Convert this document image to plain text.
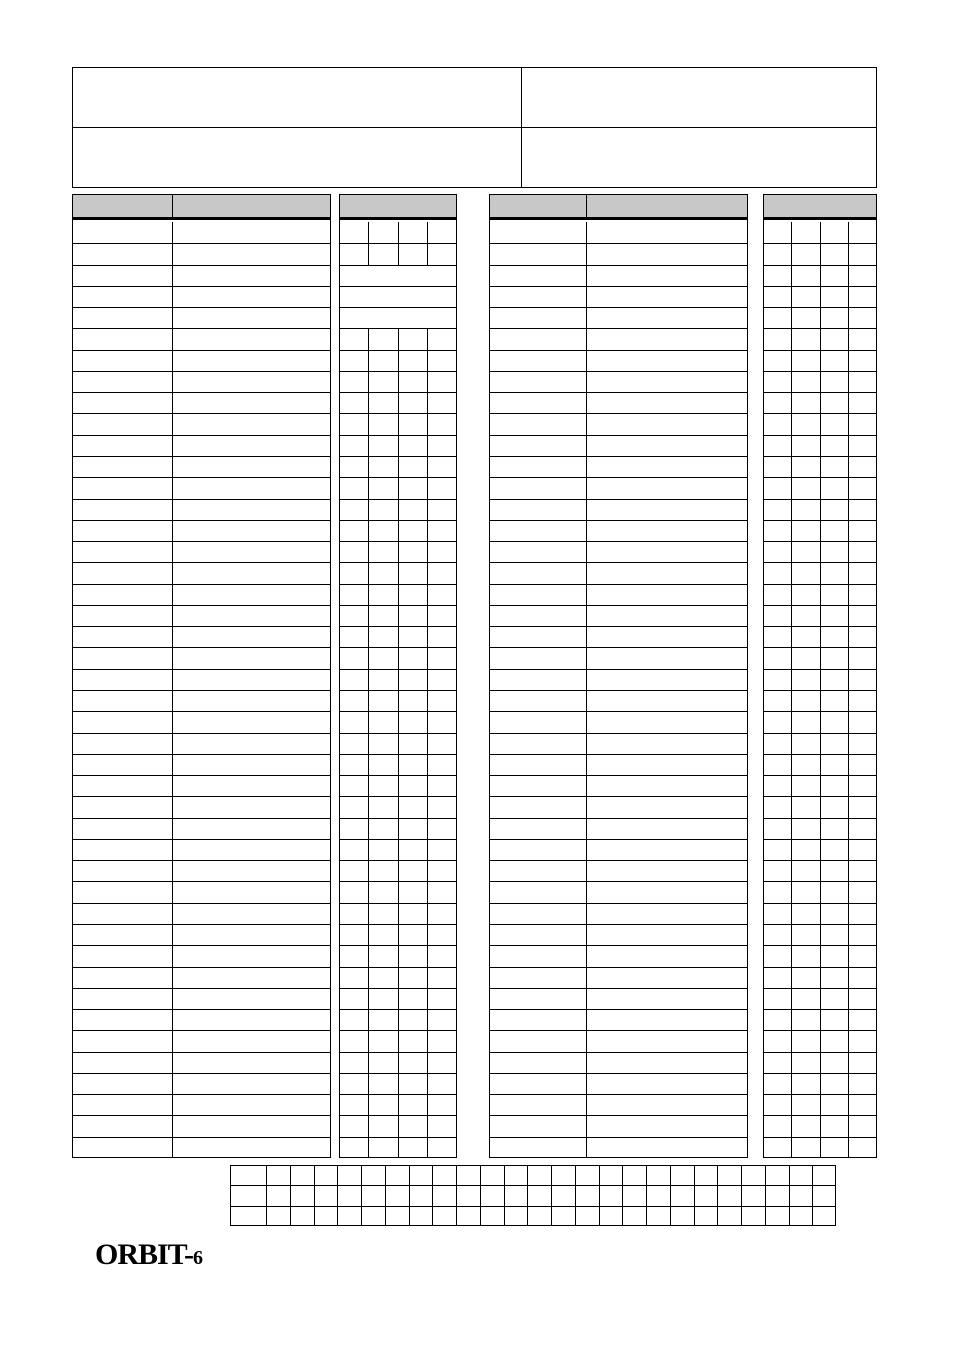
ORBIT-6
